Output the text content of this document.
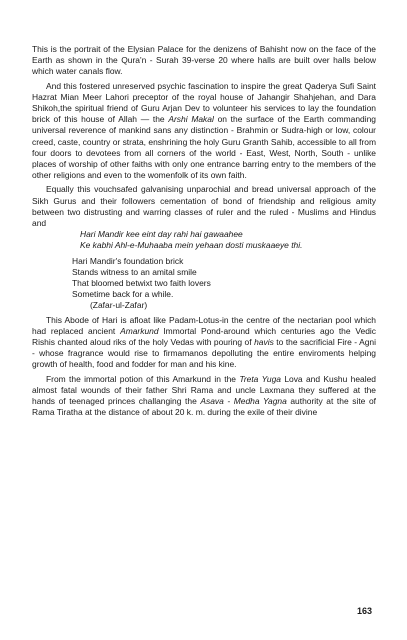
This is the portrait of the Elysian Palace for the denizens of Bahisht now on the face of the Earth as shown in the Qura'n - Surah 39-verse 20 where halls are built over halls below which water canals flow.

And this fostered unreserved psychic fascination to inspire the great Qaderya Sufi Saint Hazrat Mian Meer Lahori preceptor of the royal house of Jahangir Shahjehan, and Dara Shikoh,the spiritual friend of Guru Arjan Dev to volunteer his services to lay the foundation brick of this house of Allah — the Arshi Makal on the surface of the Earth commanding universal reverence of mankind sans any distinction - Brahmin or Sudra-high or low, colour creed, caste, country or strata, enshrining the holy Guru Granth Sahib, accessible to all from four doors to devotees from all corners of the world - East, West, North, South - unlike places of worship of other faiths with only one entrance barring entry to the members of the other religions and even to the womenfolk of its own faith.

Equally this vouchsafed galvanising unparochial and bread universal approach of the Sikh Gurus and their followers cementation of bond of friendship and religious amity between two distrusting and warring classes of ruler and the ruled - Muslims and Hindus and
Hari Mandir kee eint day rahi hai gawaahee
Ke kabhi Ahl-e-Muhaaba mein yehaan dosti muskaaeye thi.

Hari Mandir's foundation brick
Stands witness to an amital smile
That bloomed betwixt two faith lovers
Sometime back for a while.
(Zafar-ul-Zafar)

This Abode of Hari is afloat like Padam-Lotus-in the centre of the nectarian pool which had replaced ancient Amarkund Immortal Pond-around which centuries ago the Vedic Rishis chanted aloud riks of the holy Vedas with pouring of havis to the sacrificial Fire - Agni - whose fragrance would rise to firmamanos depolluting the entire enviroments helping growth of health, food and fodder for man and his kine.

From the immortal potion of this Amarkund in the Treta Yuga Lova and Kushu healed almost fatal wounds of their father Shri Rama and uncle Laxmana they suffered at the hands of teenaged princes challanging the Asava - Medha Yagna authority at the site of Rama Tiratha at the distance of about 20 k. m. during the exile of their divine

163
